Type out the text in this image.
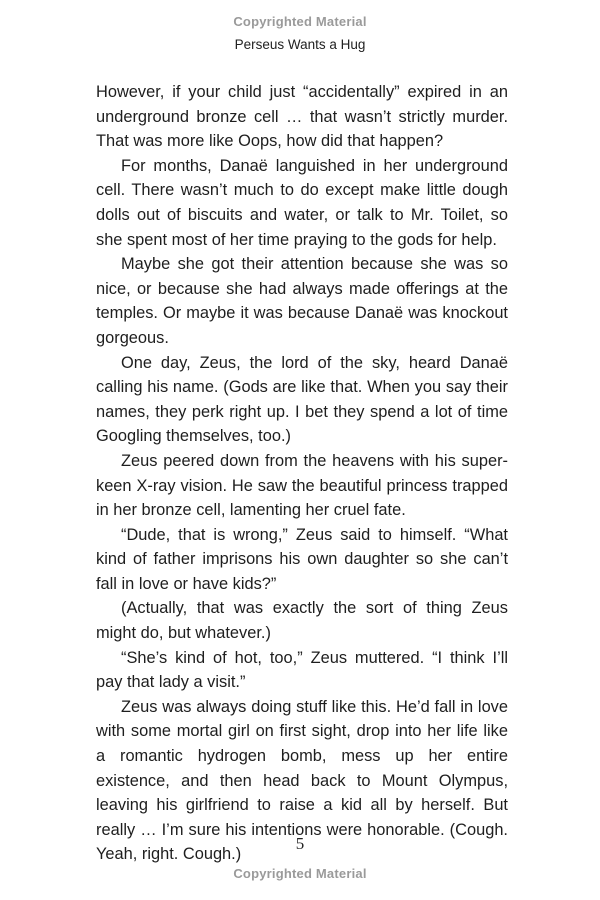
Copyrighted Material
Perseus Wants a Hug

However, if your child just “accidentally” expired in an underground bronze cell … that wasn’t strictly murder. That was more like Oops, how did that happen?

For months, Danaë languished in her underground cell. There wasn’t much to do except make little dough dolls out of biscuits and water, or talk to Mr. Toilet, so she spent most of her time praying to the gods for help.

Maybe she got their attention because she was so nice, or because she had always made offerings at the temples. Or maybe it was because Danaë was knockout gorgeous.

One day, Zeus, the lord of the sky, heard Danaë calling his name. (Gods are like that. When you say their names, they perk right up. I bet they spend a lot of time Googling themselves, too.)

Zeus peered down from the heavens with his super-keen X-ray vision. He saw the beautiful princess trapped in her bronze cell, lamenting her cruel fate.

“Dude, that is wrong,” Zeus said to himself. “What kind of father imprisons his own daughter so she can’t fall in love or have kids?”

(Actually, that was exactly the sort of thing Zeus might do, but whatever.)

“She’s kind of hot, too,” Zeus muttered. “I think I’ll pay that lady a visit.”

Zeus was always doing stuff like this. He’d fall in love with some mortal girl on first sight, drop into her life like a romantic hydrogen bomb, mess up her entire existence, and then head back to Mount Olympus, leaving his girlfriend to raise a kid all by herself. But really … I’m sure his intentions were honorable. (Cough. Yeah, right. Cough.)

5
Copyrighted Material
